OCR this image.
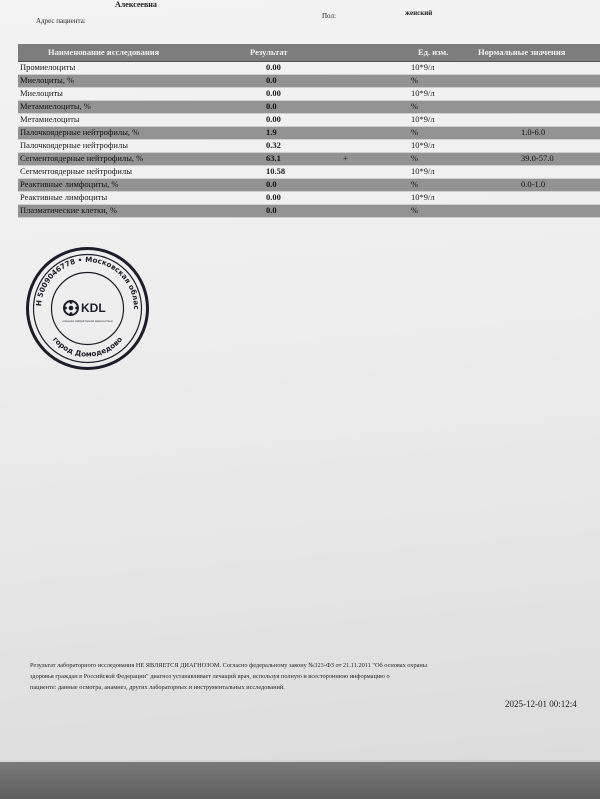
Алексеевна
Адрес пациента:
Пол:	женский
Наименование исследования	Результат	Ед. изм.	Нормальные значения
Промиелоциты	0.00	10*9/л
Миелоциты, %	0.0	%
Миелоциты	0.00	10*9/л
Метамиелоциты, %	0.0	%
Метамиелоциты	0.00	10*9/л
Палочкоядерные нейтрофилы, %	1.9	%	1.0-6.0
Палочкоядерные нейтрофилы	0.32	10*9/л
Сегментоядерные нейтрофилы, %	63.1	+	%	39.0-57.0
Сегментоядерные нейтрофилы	10.58	10*9/л
Реактивные лимфоциты, %	0.0	%	0.0-1.0
Реактивные лимфоциты	0.00	10*9/л
Плазматические клетки, %	0.0	%
Н 5009046778 • Московская облас
город Домодедово
KDL
клиника лабораторной диагностики
Результат лабораторного исследования НЕ ЯВЛЯЕТСЯ ДИАГНОЗОМ. Согласно федеральному закону №323-ФЗ от 21.11.2011 "Об основах охраны
здоровья граждан в Российской Федерации" диагноз устанавливает лечащий врач, используя полную и всестороннюю информацию о
пациенте: данные осмотра, анамнез, других лабораторных и инструментальных исследований.
2025-12-01 00:12:4
